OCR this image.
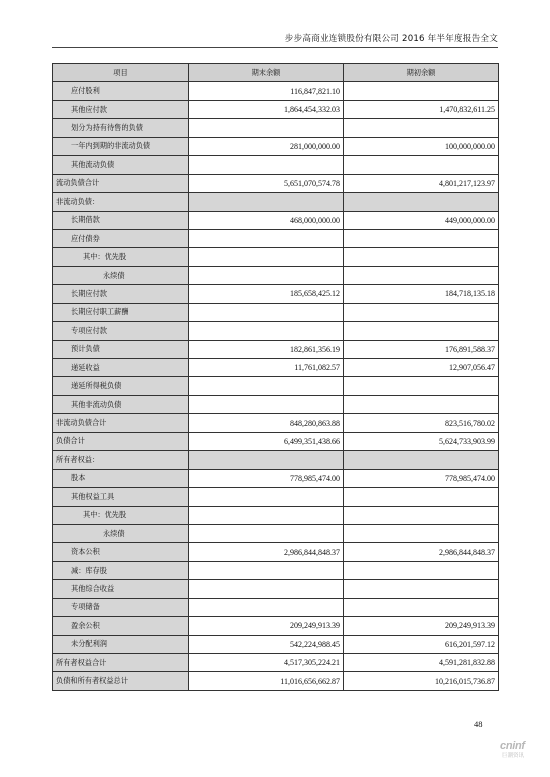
步步高商业连锁股份有限公司 2016 年半年度报告全文
项目	期末余额	期初余额
应付股利	116,847,821.10	
其他应付款	1,864,454,332.03	1,470,832,611.25
划分为持有待售的负债		
一年内到期的非流动负债	281,000,000.00	100,000,000.00
其他流动负债		
流动负债合计	5,651,070,574.78	4,801,217,123.97
非流动负债：		
长期借款	468,000,000.00	449,000,000.00
应付债券		
其中：优先股		
永续债		
长期应付款	185,658,425.12	184,718,135.18
长期应付职工薪酬		
专项应付款		
预计负债	182,861,356.19	176,891,588.37
递延收益	11,761,082.57	12,907,056.47
递延所得税负债		
其他非流动负债		
非流动负债合计	848,280,863.88	823,516,780.02
负债合计	6,499,351,438.66	5,624,733,903.99
所有者权益：		
股本	778,985,474.00	778,985,474.00
其他权益工具		
其中：优先股		
永续债		
资本公积	2,986,844,848.37	2,986,844,848.37
减：库存股		
其他综合收益		
专项储备		
盈余公积	209,249,913.39	209,249,913.39
未分配利润	542,224,988.45	616,201,597.12
所有者权益合计	4,517,305,224.21	4,591,281,832.88
负债和所有者权益总计	11,016,656,662.87	10,216,015,736.87
48
cninf
巨潮资讯
